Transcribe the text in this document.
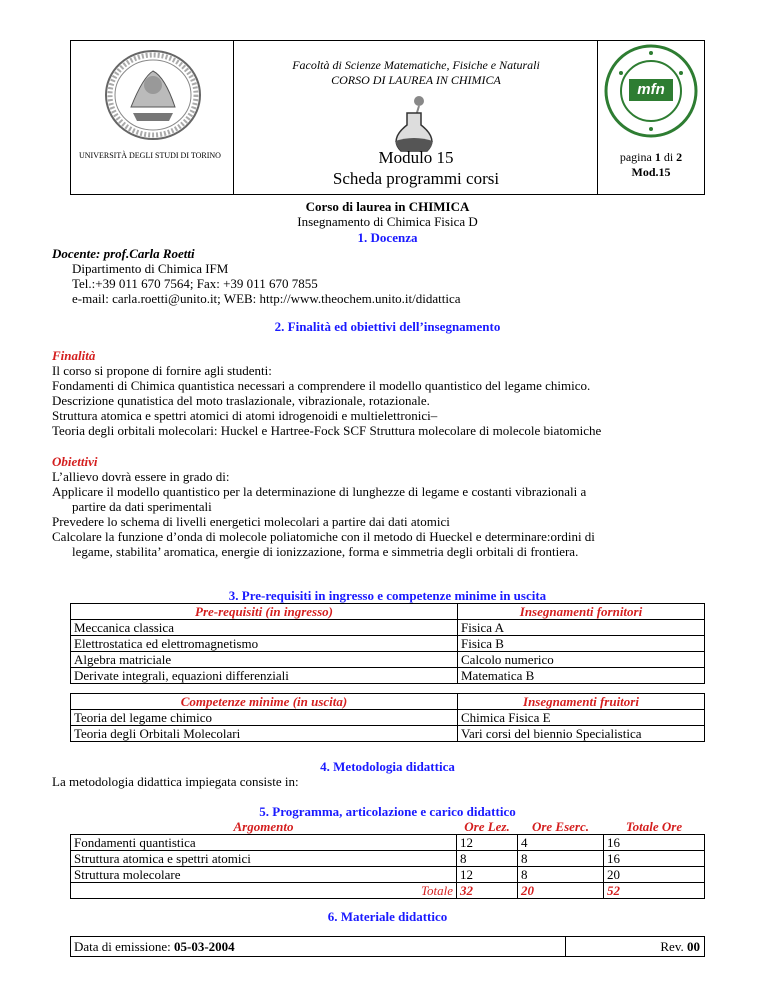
UNIVERSITÀ DEGLI STUDI DI TORINO
Facoltà di Scienze Matematiche, Fisiche e Naturali
CORSO DI LAUREA IN CHIMICA
Modulo 15
Scheda programmi corsi
mfn
pagina 1 di 2
Mod.15
Corso di laurea in CHIMICA
Insegnamento di Chimica Fisica D
1. Docenza
Docente: prof.Carla Roetti
Dipartimento di Chimica IFM
Tel.:+39 011 670 7564; Fax: +39 011 670 7855
e-mail: carla.roetti@unito.it; WEB: http://www.theochem.unito.it/didattica
2. Finalità ed obiettivi dell’insegnamento
Finalità
Il corso si propone di fornire agli studenti:
Fondamenti di Chimica quantistica necessari a comprendere il modello quantistico del legame chimico.
Descrizione qunatistica del moto traslazionale, vibrazionale, rotazionale.
Struttura atomica e spettri atomici di atomi idrogenoidi e multielettronici–
Teoria degli orbitali molecolari: Huckel e Hartree-Fock SCF Struttura molecolare di molecole biatomiche
Obiettivi
L’allievo dovrà essere in grado di:
Applicare il modello quantistico per la determinazione di lunghezze di legame e costanti vibrazionali a
partire da dati sperimentali
Prevedere lo schema di livelli energetici molecolari a partire dai dati atomici
Calcolare la funzione d’onda di molecole poliatomiche con il metodo di Hueckel e determinare:ordini di
legame, stabilita’ aromatica, energie di ionizzazione, forma e simmetria degli orbitali di frontiera.
3. Pre-requisiti in ingresso e competenze minime in uscita
Pre-requisiti (in ingresso)	Insegnamenti fornitori
Meccanica classica	Fisica A
Elettrostatica ed elettromagnetismo	Fisica B
Algebra matriciale	Calcolo numerico
Derivate integrali, equazioni differenziali	Matematica B
Competenze minime (in uscita)	Insegnamenti fruitori
Teoria del legame chimico	Chimica Fisica E
Teoria degli Orbitali Molecolari	Vari corsi del biennio Specialistica
4. Metodologia didattica
La metodologia didattica impiegata consiste in:
5. Programma, articolazione e carico didattico
Argomento	Ore Lez.	Ore Eserc.	Totale Ore
Fondamenti quantistica	12	4	16
Struttura atomica e spettri atomici	8	8	16
Struttura molecolare	12	8	20
Totale	32	20	52
6. Materiale didattico
Data di emissione: 05-03-2004	Rev. 00
